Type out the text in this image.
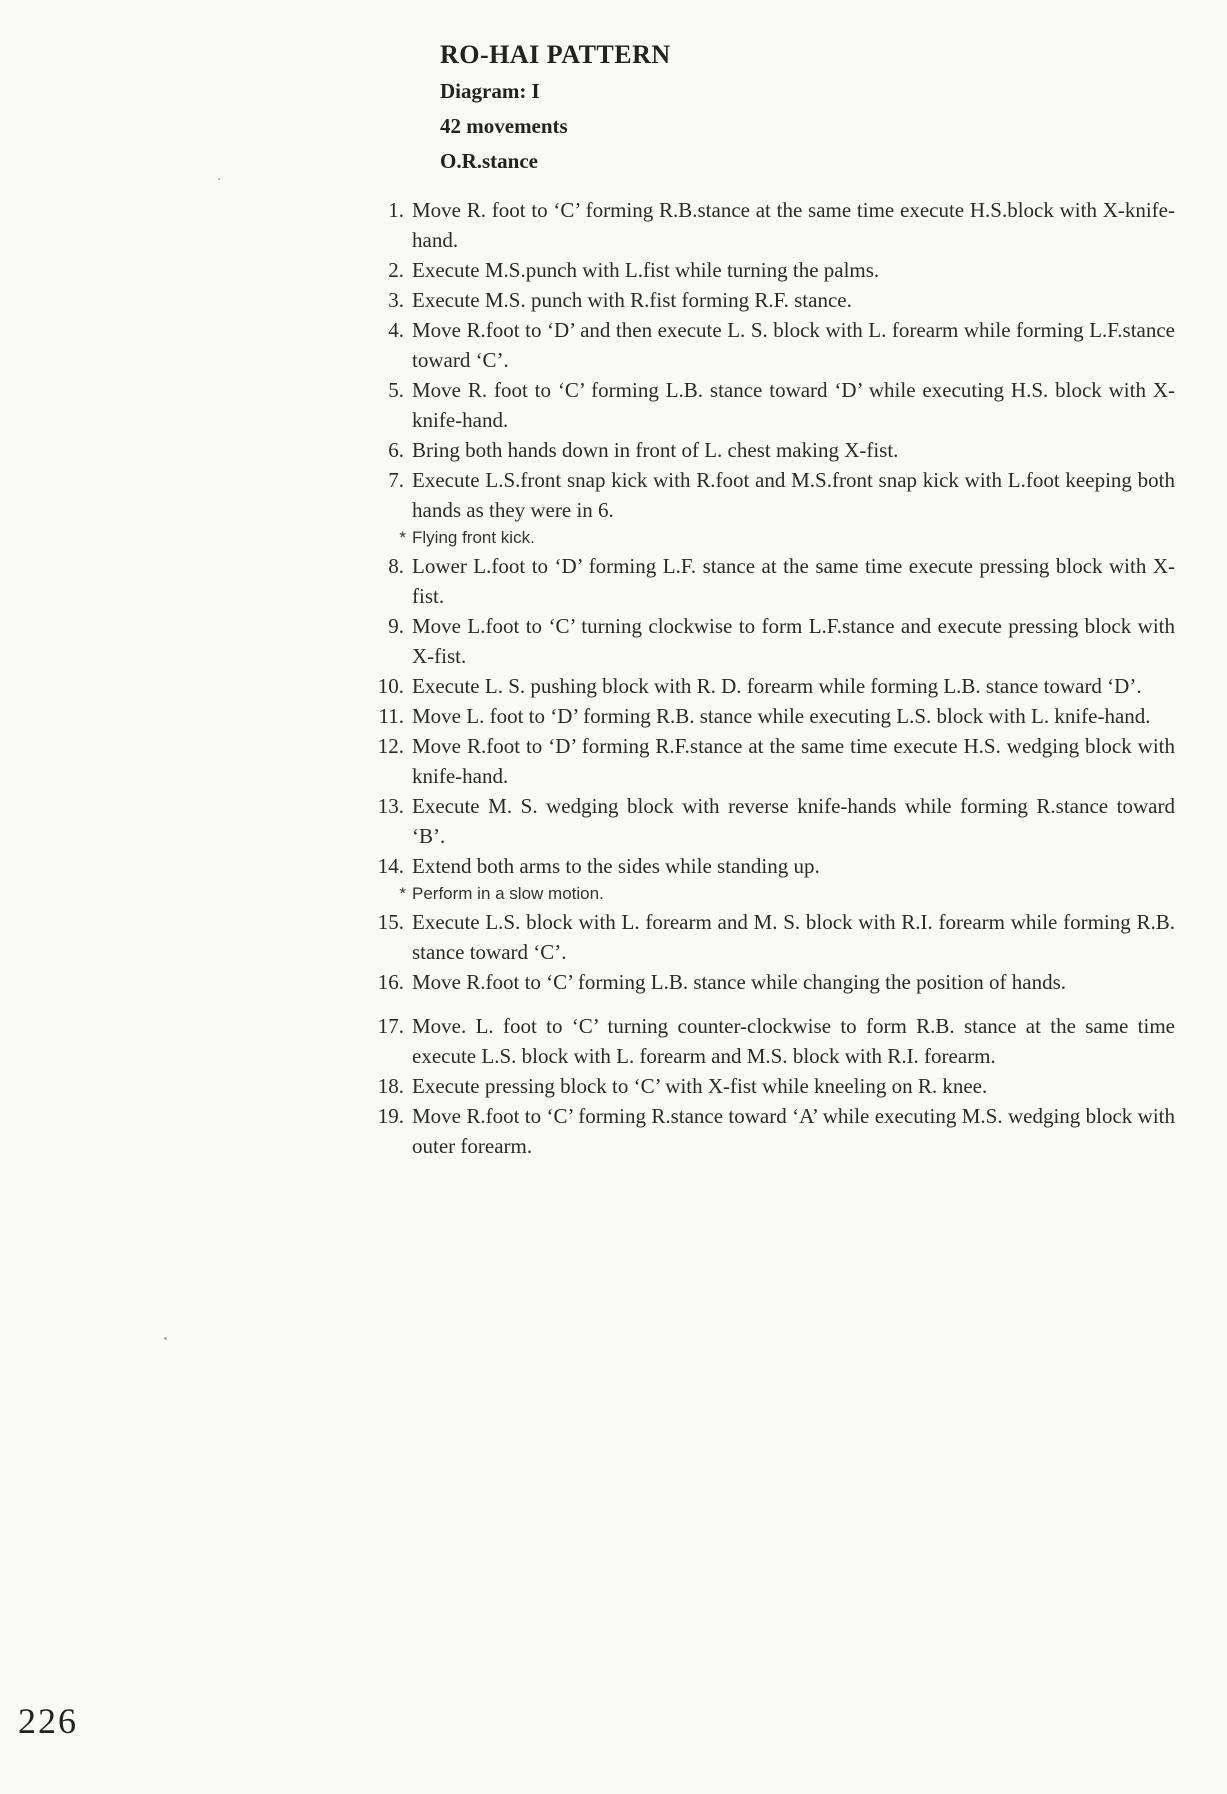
RO-HAI PATTERN
Diagram: I
42 movements
O.R.stance
1. Move R. foot to ‘C’ forming R.B.stance at the same time execute H.S.block with X-knife-hand.
2. Execute M.S.punch with L.fist while turning the palms.
3. Execute M.S. punch with R.fist forming R.F. stance.
4. Move R.foot to ‘D’ and then execute L. S. block with L. forearm while forming L.F.stance toward ‘C’.
5. Move R. foot to ‘C’ forming L.B. stance toward ‘D’ while executing H.S. block with X-knife-hand.
6. Bring both hands down in front of L. chest making X-fist.
7. Execute L.S.front snap kick with R.foot and M.S.front snap kick with L.foot keeping both hands as they were in 6.
* Flying front kick.
8. Lower L.foot to ‘D’ forming L.F. stance at the same time execute pressing block with X-fist.
9. Move L.foot to ‘C’ turning clockwise to form L.F.stance and execute pressing block with X-fist.
10. Execute L. S. pushing block with R. D. forearm while forming L.B. stance toward ‘D’.
11. Move L. foot to ‘D’ forming R.B. stance while executing L.S. block with L. knife-hand.
12. Move R.foot to ‘D’ forming R.F.stance at the same time execute H.S. wedging block with knife-hand.
13. Execute M. S. wedging block with reverse knife-hands while forming R.stance toward ‘B’.
14. Extend both arms to the sides while standing up.
* Perform in a slow motion.
15. Execute L.S. block with L. forearm and M. S. block with R.I. forearm while forming R.B. stance toward ‘C’.
16. Move R.foot to ‘C’ forming L.B. stance while changing the position of hands.
17. Move. L. foot to ‘C’ turning counter-clockwise to form R.B. stance at the same time execute L.S. block with L. forearm and M.S. block with R.I. forearm.
18. Execute pressing block to ‘C’ with X-fist while kneeling on R. knee.
19. Move R.foot to ‘C’ forming R.stance toward ‘A’ while executing M.S. wedging block with outer forearm.
226
